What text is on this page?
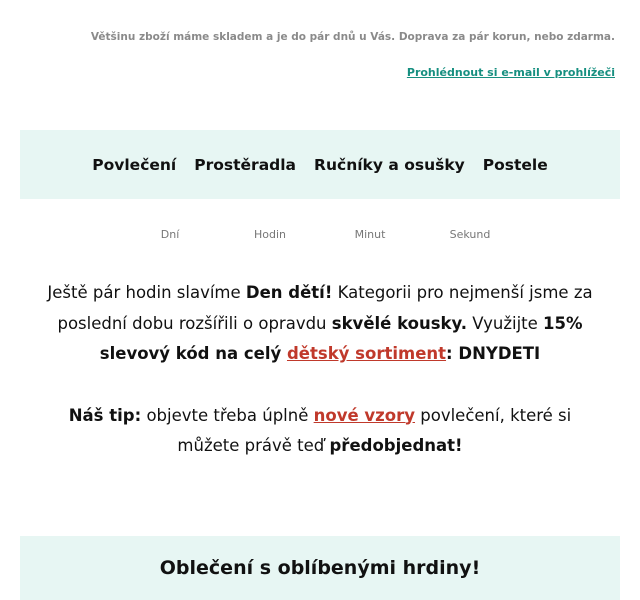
Většinu zboží máme skladem a je do pár dnů u Vás. Doprava za pár korun, nebo zdarma.
Prohlédnout si e-mail v prohlížeči
Povlečení Prostěradla Ručníky a osušky Postele
Dní	Hodin	Minut	Sekund

Ještě pár hodin slavíme Den dětí! Kategorii pro nejmenší jsme za poslední dobu rozšířili o opravdu skvělé kousky. Využijte 15% slevový kód na celý dětský sortiment: DNYDETI

Náš tip: objevte třeba úplně nové vzory povlečení, které si můžete právě teď předobjednat!

Oblečení s oblíbenými hrdiny!
